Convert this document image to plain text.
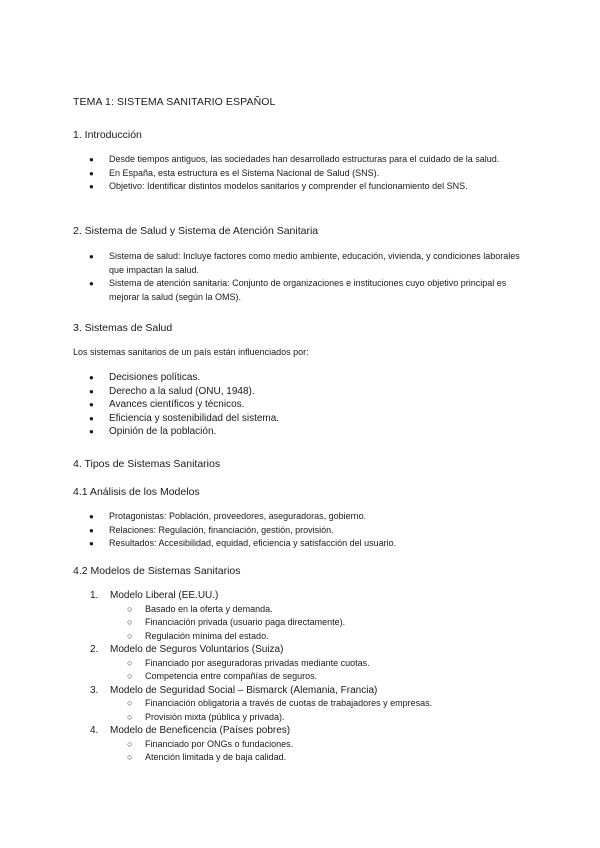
TEMA 1: SISTEMA SANITARIO ESPAÑOL
1. Introducción
● Desde tiempos antiguos, las sociedades han desarrollado estructuras para el cuidado de la salud.
● En España, esta estructura es el Sistema Nacional de Salud (SNS).
● Objetivo: Identificar distintos modelos sanitarios y comprender el funcionamiento del SNS.
2. Sistema de Salud y Sistema de Atención Sanitaria
● Sistema de salud: Incluye factores como medio ambiente, educación, vivienda, y condiciones laborales que impactan la salud.
● Sistema de atención sanitaria: Conjunto de organizaciones e instituciones cuyo objetivo principal es mejorar la salud (según la OMS).
3. Sistemas de Salud
Los sistemas sanitarios de un país están influenciados por:
● Decisiones políticas.
● Derecho a la salud (ONU, 1948).
● Avances científicos y técnicos.
● Eficiencia y sostenibilidad del sistema.
● Opinión de la población.
4. Tipos de Sistemas Sanitarios
4.1 Análisis de los Modelos
● Protagonistas: Población, proveedores, aseguradoras, gobierno.
● Relaciones: Regulación, financiación, gestión, provisión.
● Resultados: Accesibilidad, equidad, eficiencia y satisfacción del usuario.
4.2 Modelos de Sistemas Sanitarios
1. Modelo Liberal (EE.UU.)
○ Basado en la oferta y demanda.
○ Financiación privada (usuario paga directamente).
○ Regulación mínima del estado.
2. Modelo de Seguros Voluntarios (Suiza)
○ Financiado por aseguradoras privadas mediante cuotas.
○ Competencia entre compañías de seguros.
3. Modelo de Seguridad Social – Bismarck (Alemania, Francia)
○ Financiación obligatoria a través de cuotas de trabajadores y empresas.
○ Provisión mixta (pública y privada).
4. Modelo de Beneficencia (Países pobres)
○ Financiado por ONGs o fundaciones.
○ Atención limitada y de baja calidad.
